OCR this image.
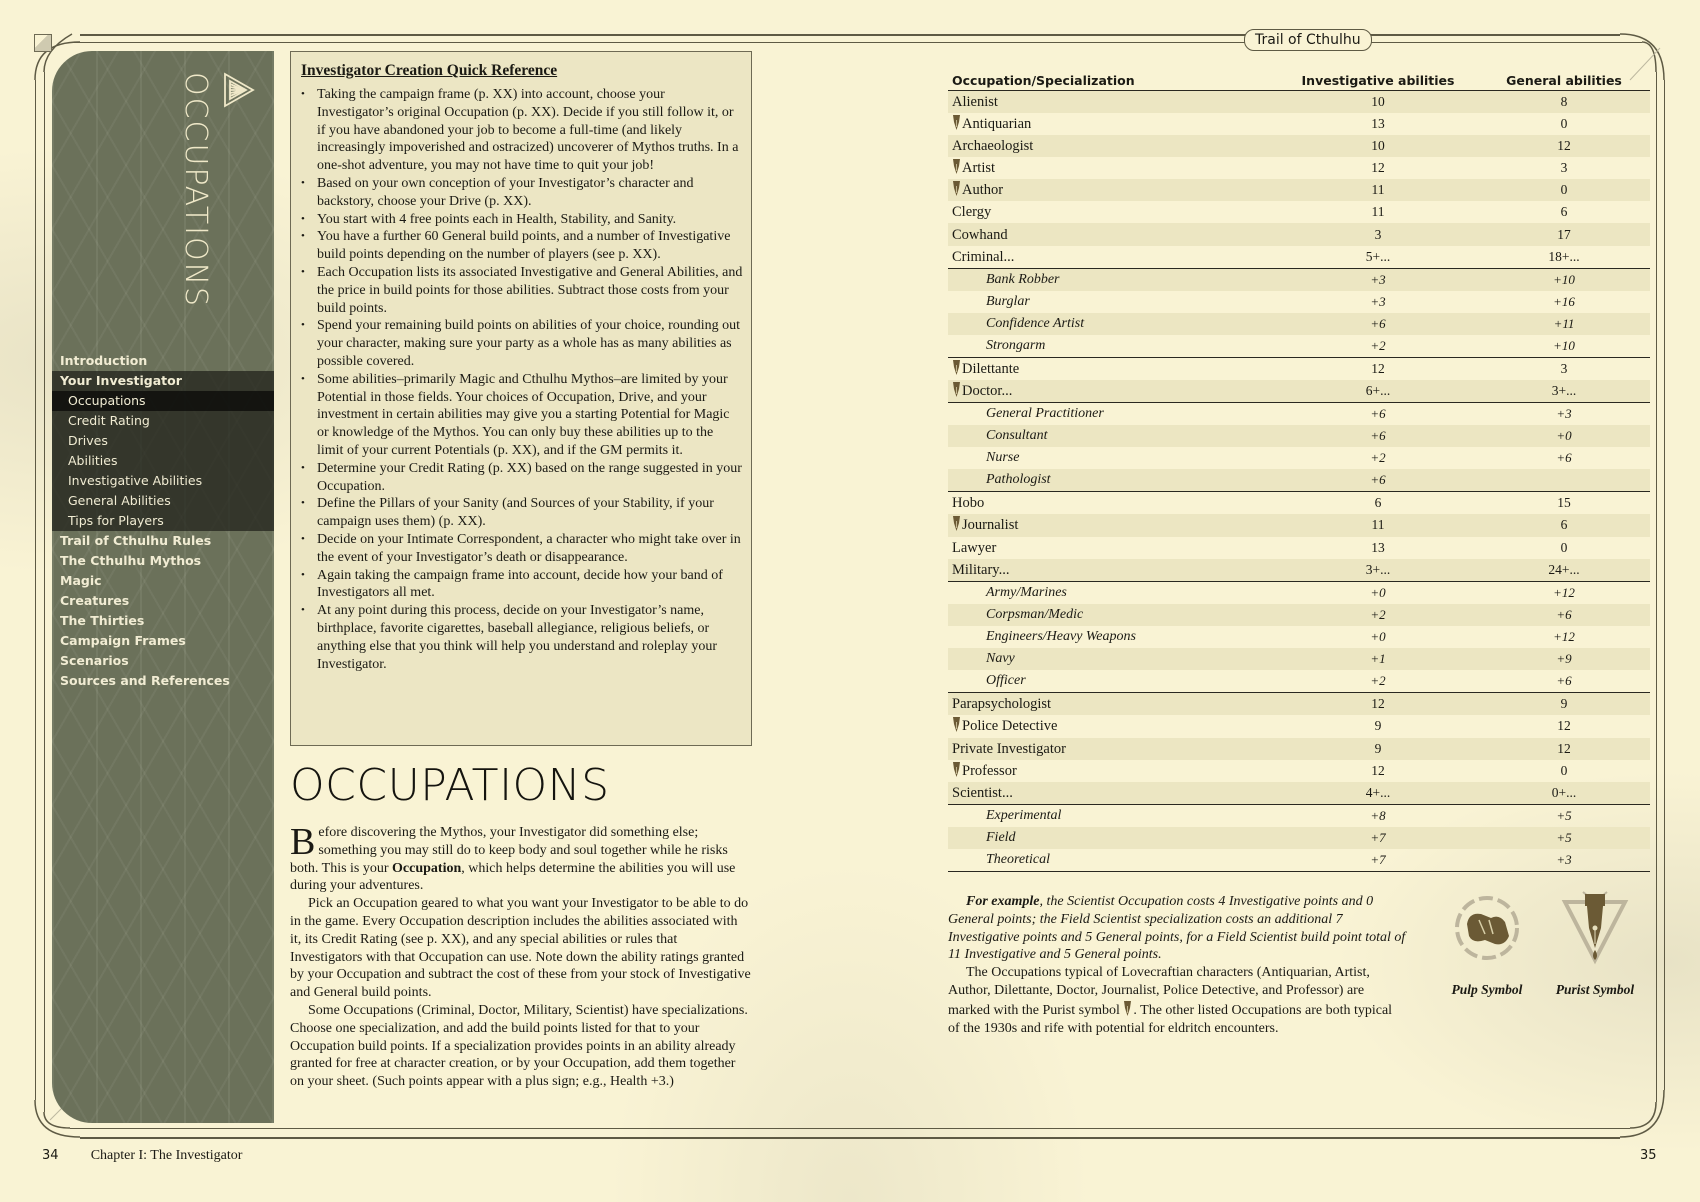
OCCUPATIONS
Introduction
Your Investigator
Occupations
Credit Rating
Drives
Abilities
Investigative Abilities
General Abilities
Tips for Players
Trail of Cthulhu Rules
The Cthulhu Mythos
Magic
Creatures
The Thirties
Campaign Frames
Scenarios
Sources and References
Investigator Creation Quick Reference
• Taking the campaign frame (p. XX) into account, choose your Investigator’s original Occupation (p. XX). Decide if you still follow it, or if you have abandoned your job to become a full-time (and likely increasingly impoverished and ostracized) uncoverer of Mythos truths. In a one-shot adventure, you may not have time to quit your job!
• Based on your own conception of your Investigator’s character and backstory, choose your Drive (p. XX).
• You start with 4 free points each in Health, Stability, and Sanity.
• You have a further 60 General build points, and a number of Investigative build points depending on the number of players (see p. XX).
• Each Occupation lists its associated Investigative and General Abilities, and the price in build points for those abilities. Subtract those costs from your build points.
• Spend your remaining build points on abilities of your choice, rounding out your character, making sure your party as a whole has as many abilities as possible covered.
• Some abilities–primarily Magic and Cthulhu Mythos–are limited by your Potential in those fields. Your choices of Occupation, Drive, and your investment in certain abilities may give you a starting Potential for Magic or knowledge of the Mythos. You can only buy these abilities up to the limit of your current Potentials (p. XX), and if the GM permits it.
• Determine your Credit Rating (p. XX) based on the range suggested in your Occupation.
• Define the Pillars of your Sanity (and Sources of your Stability, if your campaign uses them) (p. XX).
• Decide on your Intimate Correspondent, a character who might take over in the event of your Investigator’s death or disappearance.
• Again taking the campaign frame into account, decide how your band of Investigators all met.
• At any point during this process, decide on your Investigator’s name, birthplace, favorite cigarettes, baseball allegiance, religious beliefs, or anything else that you think will help you understand and roleplay your Investigator.
OCCUPATIONS

Before discovering the Mythos, your Investigator did something else; something you may still do to keep body and soul together while he risks both. This is your Occupation, which helps determine the abilities you will use during your adventures.

Pick an Occupation geared to what you want your Investigator to be able to do in the game. Every Occupation description includes the abilities associated with it, its Credit Rating (see p. XX), and any special abilities or rules that Investigators with that Occupation can use. Note down the ability ratings granted by your Occupation and subtract the cost of these from your stock of Investigative and General build points.

Some Occupations (Criminal, Doctor, Military, Scientist) have specializations. Choose one specialization, and add the build points listed for that to your Occupation build points. If a specialization provides points in an ability already granted for free at character creation, or by your Occupation, add them together on your sheet. (Such points appear with a plus sign; e.g., Health +3.)

34 Chapter I: The Investigator
Trail of Cthulhu
Occupation/Specialization	Investigative abilities	General abilities
Alienist	10	8
Antiquarian	13	0
Archaeologist	10	12
Artist	12	3
Author	11	0
Clergy	11	6
Cowhand	3	17
Criminal...	5+...	18+...
Bank Robber	+3	+10
Burglar	+3	+16
Confidence Artist	+6	+11
Strongarm	+2	+10
Dilettante	12	3
Doctor...	6+...	3+...
General Practitioner	+6	+3
Consultant	+6	+0
Nurse	+2	+6
Pathologist	+6	
Hobo	6	15
Journalist	11	6
Lawyer	13	0
Military...	3+...	24+...
Army/Marines	+0	+12
Corpsman/Medic	+2	+6
Engineers/Heavy Weapons	+0	+12
Navy	+1	+9
Officer	+2	+6
Parapsychologist	12	9
Police Detective	9	12
Private Investigator	9	12
Professor	12	0
Scientist...	4+...	0+...
Experimental	+8	+5
Field	+7	+5
Theoretical	+7	+3

For example, the Scientist Occupation costs 4 Investigative points and 0 General points; the Field Scientist specialization costs an additional 7 Investigative points and 5 General points, for a Field Scientist build point total of 11 Investigative and 5 General points.

The Occupations typical of Lovecraftian characters (Antiquarian, Artist, Author, Dilettante, Doctor, Journalist, Police Detective, and Professor) are marked with the Purist symbol . The other listed Occupations are both typical of the 1930s and rife with potential for eldritch encounters.

Pulp Symbol	Purist Symbol
35
